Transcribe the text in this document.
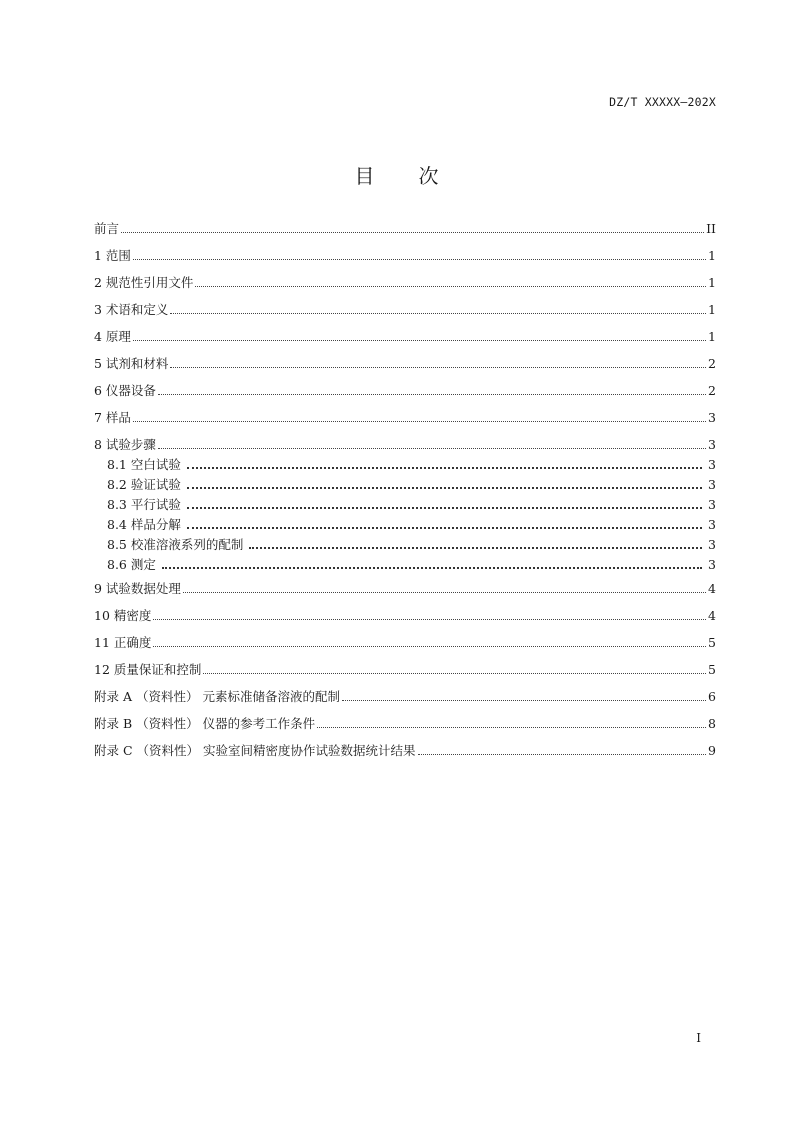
DZ/T XXXXX—202X
目次
前言	II
1 范围	1
2 规范性引用文件	1
3 术语和定义	1
4 原理	1
5 试剂和材料	2
6 仪器设备	2
7 样品	3
8 试验步骤	3
8.1 空白试验	3
8.2 验证试验	3
8.3 平行试验	3
8.4 样品分解	3
8.5 校准溶液系列的配制	3
8.6 测定	3
9 试验数据处理	4
10 精密度	4
11 正确度	5
12 质量保证和控制	5
附录 A （资料性） 元素标准储备溶液的配制	6
附录 B （资料性） 仪器的参考工作条件	8
附录 C （资料性） 实验室间精密度协作试验数据统计结果	9
I
